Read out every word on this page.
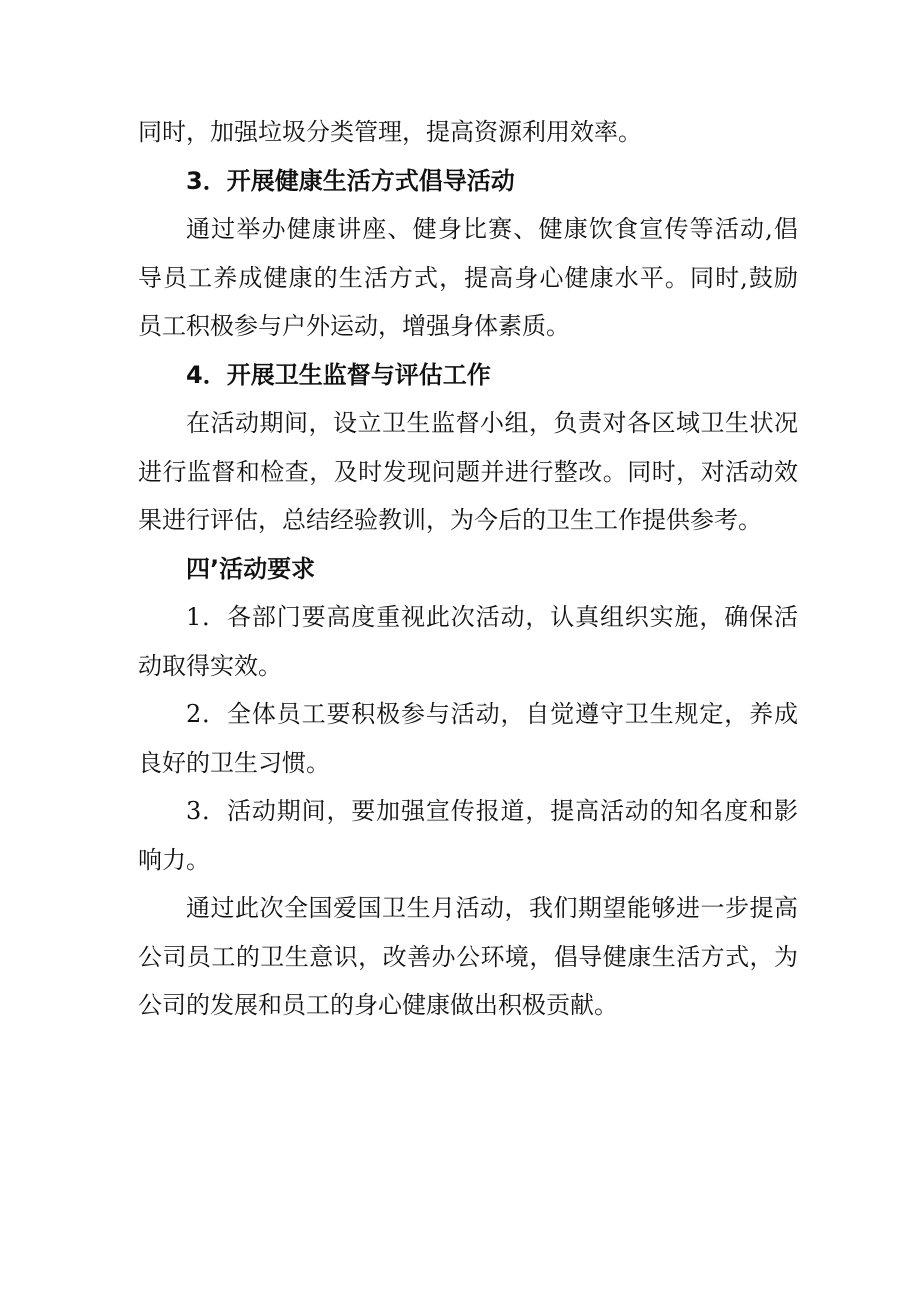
同时，加强垃圾分类管理，提高资源利用效率。
3．开展健康生活方式倡导活动
通过举办健康讲座、健身比赛、健康饮食宣传等活动,倡
导员工养成健康的生活方式，提高身心健康水平。同时,鼓励
员工积极参与户外运动，增强身体素质。
4．开展卫生监督与评估工作
在活动期间，设立卫生监督小组，负责对各区域卫生状况
进行监督和检查，及时发现问题并进行整改。同时，对活动效
果进行评估，总结经验教训，为今后的卫生工作提供参考。
四’活动要求
1．各部门要高度重视此次活动，认真组织实施，确保活
动取得实效。
2．全体员工要积极参与活动，自觉遵守卫生规定，养成
良好的卫生习惯。
3．活动期间，要加强宣传报道，提高活动的知名度和影
响力。
通过此次全国爱国卫生月活动，我们期望能够进一步提高
公司员工的卫生意识，改善办公环境，倡导健康生活方式，为
公司的发展和员工的身心健康做出积极贡献。
